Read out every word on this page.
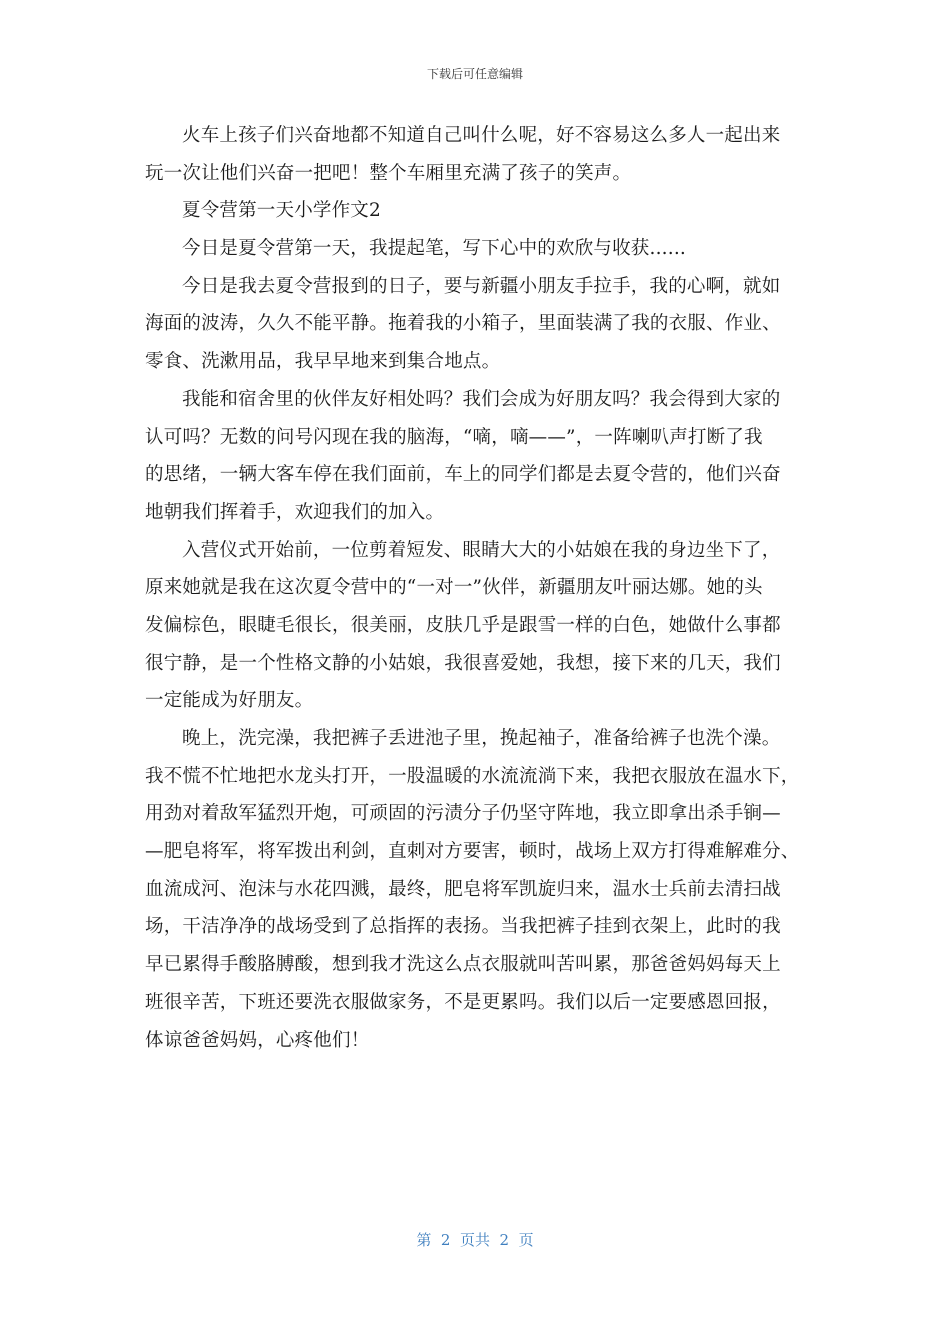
下载后可任意编辑
火车上孩子们兴奋地都不知道自己叫什么呢，好不容易这么多人一起出来
玩一次让他们兴奋一把吧！整个车厢里充满了孩子的笑声。
夏令营第一天小学作文2
今日是夏令营第一天，我提起笔，写下心中的欢欣与收获......
今日是我去夏令营报到的日子，要与新疆小朋友手拉手，我的心啊，就如
海面的波涛，久久不能平静。拖着我的小箱子，里面装满了我的衣服、作业、
零食、洗漱用品，我早早地来到集合地点。
我能和宿舍里的伙伴友好相处吗？我们会成为好朋友吗？我会得到大家的
认可吗？无数的问号闪现在我的脑海，“嘀，嘀——”，一阵喇叭声打断了我
的思绪，一辆大客车停在我们面前，车上的同学们都是去夏令营的，他们兴奋
地朝我们挥着手，欢迎我们的加入。
入营仪式开始前，一位剪着短发、眼睛大大的小姑娘在我的身边坐下了，
原来她就是我在这次夏令营中的“一对一”伙伴，新疆朋友叶丽达娜。她的头
发偏棕色，眼睫毛很长，很美丽，皮肤几乎是跟雪一样的白色，她做什么事都
很宁静，是一个性格文静的小姑娘，我很喜爱她，我想，接下来的几天，我们
一定能成为好朋友。
晚上，洗完澡，我把裤子丢进池子里，挽起袖子，准备给裤子也洗个澡。
我不慌不忙地把水龙头打开，一股温暖的水流流淌下来，我把衣服放在温水下，
用劲对着敌军猛烈开炮，可顽固的污渍分子仍坚守阵地，我立即拿出杀手锏—
—肥皂将军，将军拨出利剑，直刺对方要害，顿时，战场上双方打得难解难分、
血流成河、泡沫与水花四溅，最终，肥皂将军凯旋归来，温水士兵前去清扫战
场，干洁净净的战场受到了总指挥的表扬。当我把裤子挂到衣架上，此时的我
早已累得手酸胳膊酸，想到我才洗这么点衣服就叫苦叫累，那爸爸妈妈每天上
班很辛苦，下班还要洗衣服做家务，不是更累吗。我们以后一定要感恩回报，
体谅爸爸妈妈，心疼他们！
第  2  页共  2  页
